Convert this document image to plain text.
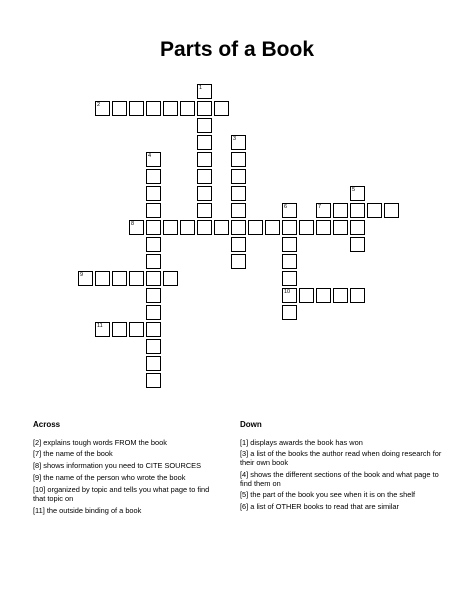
Parts of a Book
2
7
8
9
10
11
1
3
4
5
6
Across
[2] explains tough words FROM the book
[7] the name of the book
[8] shows information you need to CITE SOURCES
[9] the name of the person who wrote the book
[10] organized by topic and tells you what page to find that topic on
[11] the outside binding of a book
Down
[1] displays awards the book has won
[3] a list of the books the author read when doing research for their own book
[4] shows the different sections of the book and what page to find them on
[5] the part of the book you see when it is on the shelf
[6] a list of OTHER books to read that are similar
